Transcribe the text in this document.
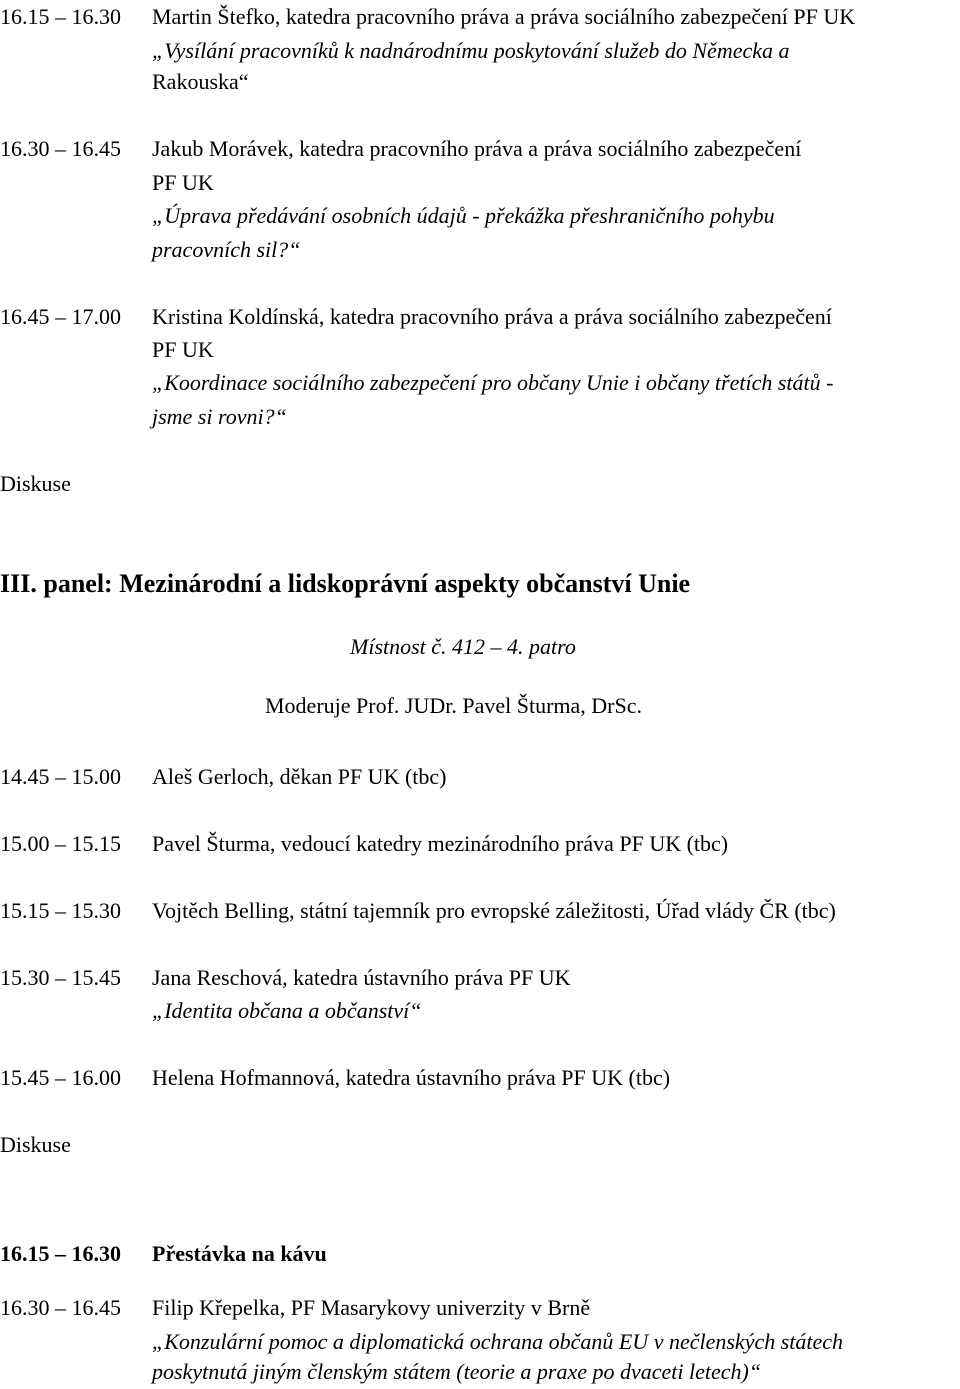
16.15 – 16.30 Martin Štefko, katedra pracovního práva a práva sociálního zabezpečení PF UK
„Vysílání pracovníků k nadnárodnímu poskytování služeb do Německa a
Rakouska“
16.30 – 16.45 Jakub Morávek, katedra pracovního práva a práva sociálního zabezpečení
PF UK
„Úprava předávání osobních údajů - překážka přeshraničního pohybu
pracovních sil?“
16.45 – 17.00 Kristina Koldínská, katedra pracovního práva a práva sociálního zabezpečení
PF UK
„Koordinace sociálního zabezpečení pro občany Unie i občany třetích států -
jsme si rovni?“
Diskuse
III. panel: Mezinárodní a lidskoprávní aspekty občanství Unie
Místnost č. 412 – 4. patro
Moderuje Prof. JUDr. Pavel Šturma, DrSc.
14.45 – 15.00 Aleš Gerloch, děkan PF UK (tbc)
15.00 – 15.15 Pavel Šturma, vedoucí katedry mezinárodního práva PF UK (tbc)
15.15 – 15.30 Vojtěch Belling, státní tajemník pro evropské záležitosti, Úřad vlády ČR (tbc)
15.30 – 15.45 Jana Reschová, katedra ústavního práva PF UK
„Identita občana a občanství“
15.45 – 16.00 Helena Hofmannová, katedra ústavního práva PF UK (tbc)
Diskuse
16.15 – 16.30 Přestávka na kávu
16.30 – 16.45 Filip Křepelka, PF Masarykovy univerzity v Brně
„Konzulární pomoc a diplomatická ochrana občanů EU v nečlenských státech
poskytnutá jiným členským státem (teorie a praxe po dvaceti letech)“
